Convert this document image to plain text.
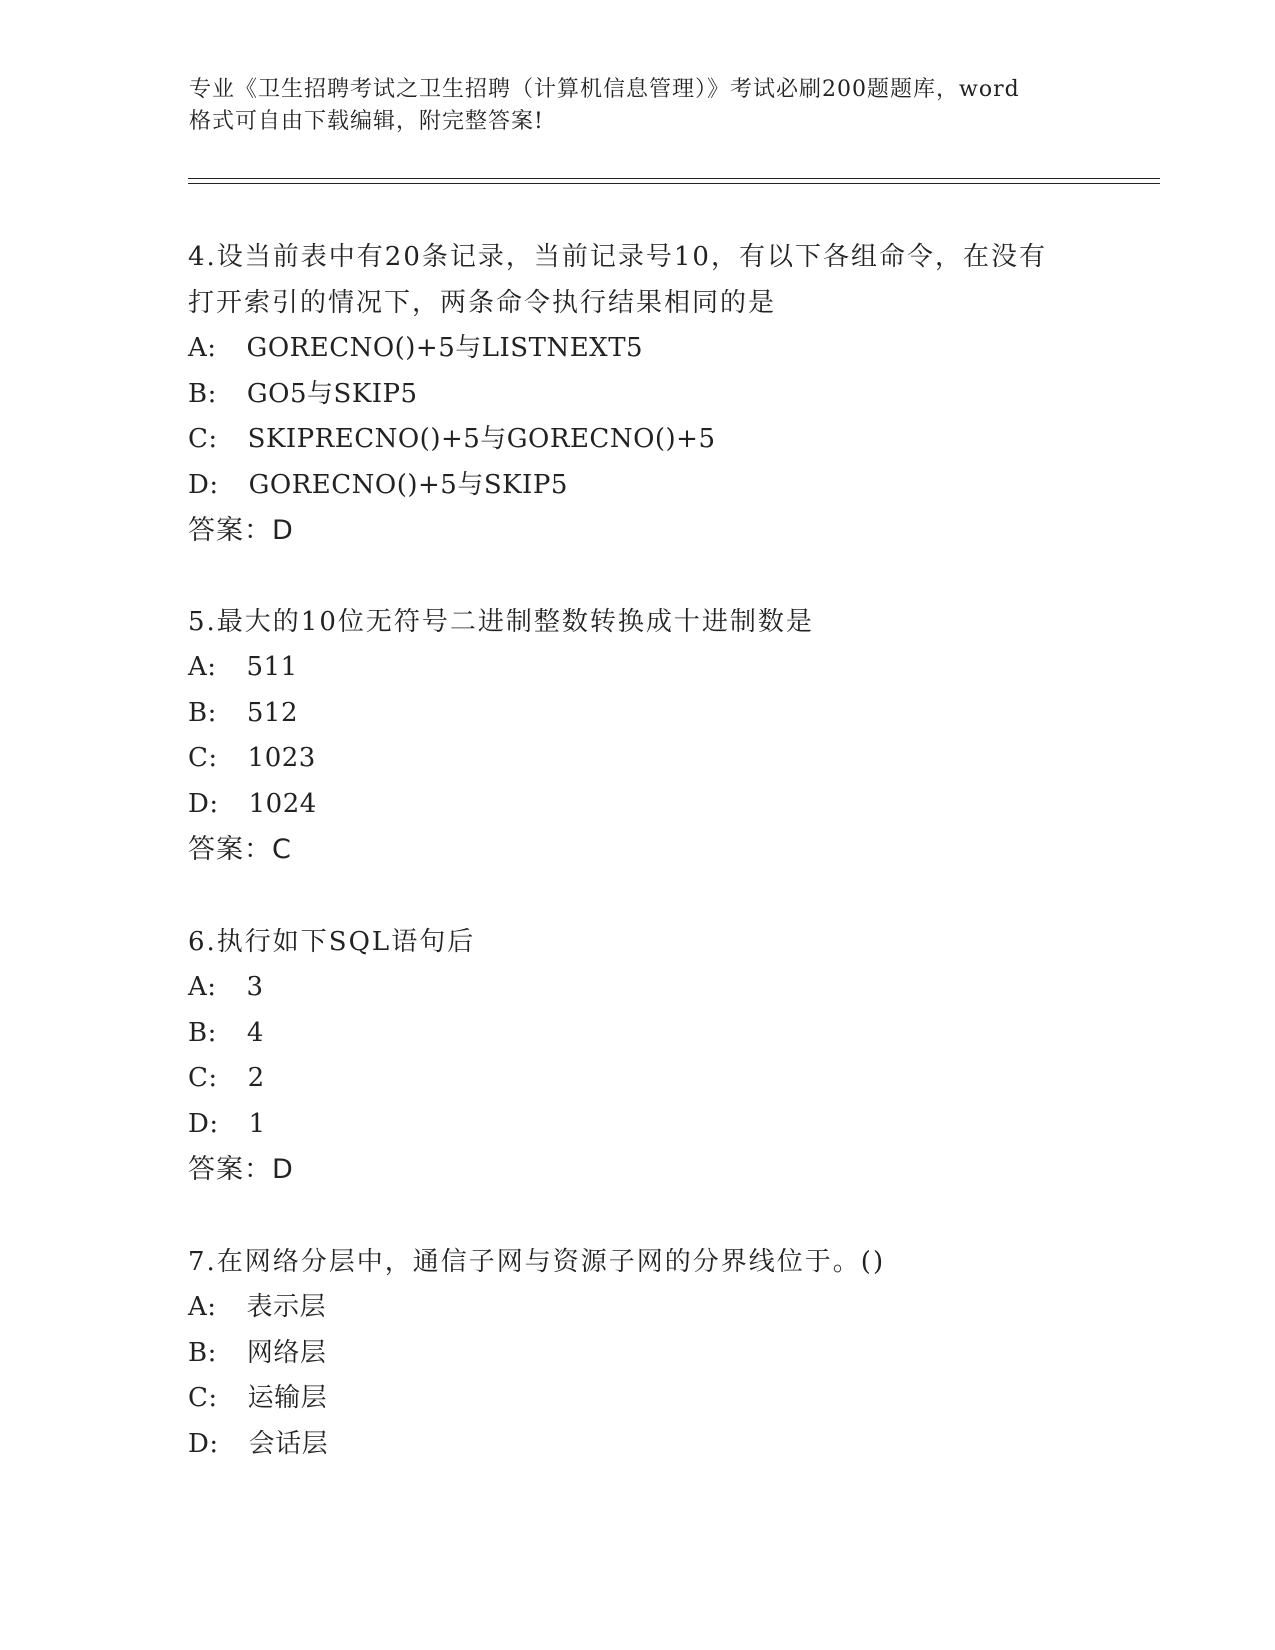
专业《卫生招聘考试之卫生招聘（计算机信息管理）》考试必刷200题题库，word
格式可自由下载编辑，附完整答案!

4.设当前表中有20条记录，当前记录号10，有以下各组命令，在没有

打开索引的情况下，两条命令执行结果相同的是

A: GORECNO()+5与LISTNEXT5

B: GO5与SKIP5

C: SKIPRECNO()+5与GORECNO()+5

D: GORECNO()+5与SKIP5

答案：D

5.最大的10位无符号二进制整数转换成十进制数是

A: 511

B: 512

C: 1023

D: 1024

答案：C

6.执行如下SQL语句后

A: 3

B: 4

C: 2

D: 1

答案：D

7.在网络分层中，通信子网与资源子网的分界线位于。()

A: 表示层

B: 网络层

C: 运输层

D: 会话层
